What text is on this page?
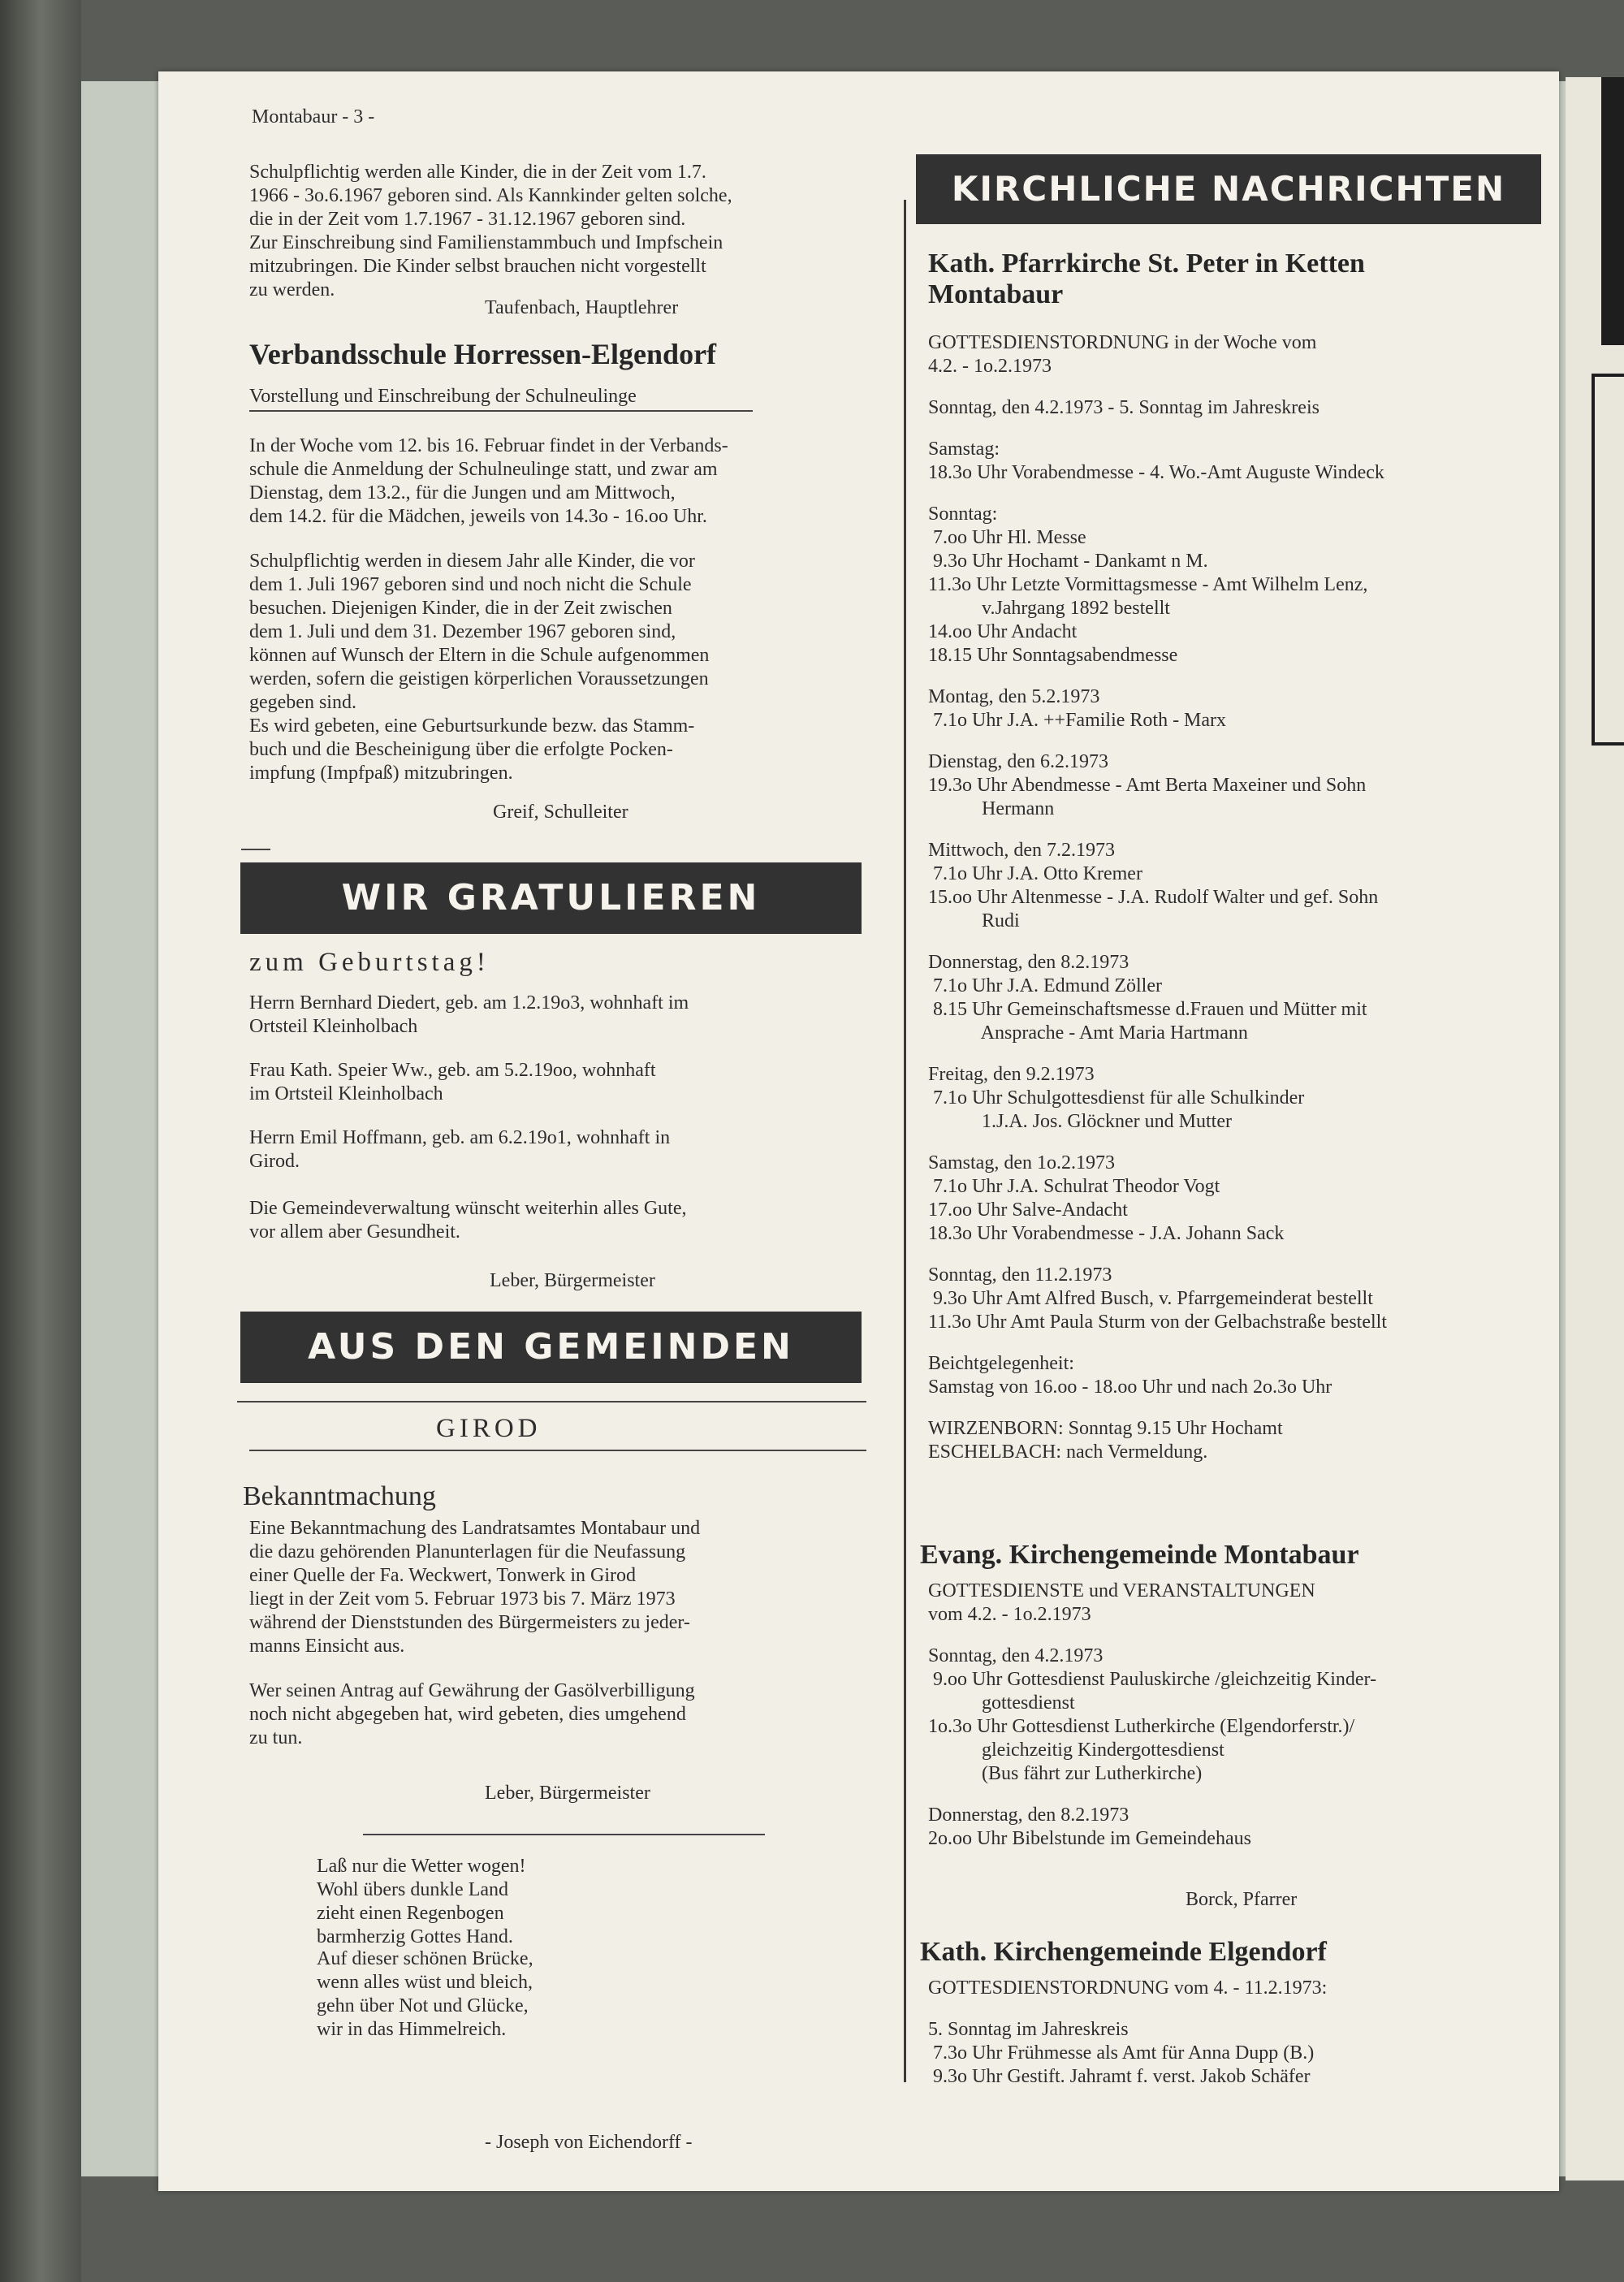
Montabaur - 3 -
Schulpflichtig werden alle Kinder, die in der Zeit vom 1.7.
1966 - 3o.6.1967 geboren sind. Als Kannkinder gelten solche,
die in der Zeit vom 1.7.1967 - 31.12.1967 geboren sind.
Zur Einschreibung sind Familienstammbuch und Impfschein
mitzubringen. Die Kinder selbst brauchen nicht vorgestellt
zu werden.
Taufenbach, Hauptlehrer
Verbandsschule Horressen-Elgendorf
Vorstellung und Einschreibung der Schulneulinge
In der Woche vom 12. bis 16. Februar findet in der Verbands-
schule die Anmeldung der Schulneulinge statt, und zwar am
Dienstag, dem 13.2., für die Jungen und am Mittwoch,
dem 14.2. für die Mädchen, jeweils von 14.3o - 16.oo Uhr.
Schulpflichtig werden in diesem Jahr alle Kinder, die vor
dem 1. Juli 1967 geboren sind und noch nicht die Schule
besuchen. Diejenigen Kinder, die in der Zeit zwischen
dem 1. Juli und dem 31. Dezember 1967 geboren sind,
können auf Wunsch der Eltern in die Schule aufgenommen
werden, sofern die geistigen körperlichen Voraussetzungen
gegeben sind.
Es wird gebeten, eine Geburtsurkunde bezw. das Stamm-
buch und die Bescheinigung über die erfolgte Pocken-
impfung (Impfpaß) mitzubringen.
Greif, Schulleiter
WIR GRATULIEREN
zum Geburtstag!
Herrn Bernhard Diedert, geb. am 1.2.19o3, wohnhaft im
Ortsteil Kleinholbach
Frau Kath. Speier Ww., geb. am 5.2.19oo, wohnhaft
im Ortsteil Kleinholbach
Herrn Emil Hoffmann, geb. am 6.2.19o1, wohnhaft in
Girod.
Die Gemeindeverwaltung wünscht weiterhin alles Gute,
vor allem aber Gesundheit.
Leber, Bürgermeister
AUS DEN GEMEINDEN
GIROD
Bekanntmachung
Eine Bekanntmachung des Landratsamtes Montabaur und
die dazu gehörenden Planunterlagen für die Neufassung
einer Quelle der Fa. Weckwert, Tonwerk in Girod
liegt in der Zeit vom 5. Februar 1973 bis 7. März 1973
während der Dienststunden des Bürgermeisters zu jeder-
manns Einsicht aus.
Wer seinen Antrag auf Gewährung der Gasölverbilligung
noch nicht abgegeben hat, wird gebeten, dies umgehend
zu tun.
Leber, Bürgermeister
Laß nur die Wetter wogen!
Wohl übers dunkle Land
zieht einen Regenbogen
barmherzig Gottes Hand.
Auf dieser schönen Brücke,
wenn alles wüst und bleich,
gehn über Not und Glücke,
wir in das Himmelreich.
- Joseph von Eichendorff -
KIRCHLICHE NACHRICHTEN
Kath. Pfarrkirche St. Peter in Ketten
Montabaur
GOTTESDIENSTORDNUNG in der Woche vom
4.2. - 1o.2.1973
Sonntag, den 4.2.1973 - 5. Sonntag im Jahreskreis
Samstag:
18.3o Uhr Vorabendmesse - 4. Wo.-Amt Auguste Windeck
Sonntag:
7.oo Uhr Hl. Messe
9.3o Uhr Hochamt - Dankamt n M.
11.3o Uhr Letzte Vormittagsmesse - Amt Wilhelm Lenz,
v.Jahrgang 1892 bestellt
14.oo Uhr Andacht
18.15 Uhr Sonntagsabendmesse
Montag, den 5.2.1973
7.1o Uhr J.A. ++Familie Roth - Marx
Dienstag, den 6.2.1973
19.3o Uhr Abendmesse - Amt Berta Maxeiner und Sohn
Hermann
Mittwoch, den 7.2.1973
7.1o Uhr J.A. Otto Kremer
15.oo Uhr Altenmesse - J.A. Rudolf Walter und gef. Sohn
Rudi
Donnerstag, den 8.2.1973
7.1o Uhr J.A. Edmund Zöller
8.15 Uhr Gemeinschaftsmesse d.Frauen und Mütter mit
Ansprache - Amt Maria Hartmann
Freitag, den 9.2.1973
7.1o Uhr Schulgottesdienst für alle Schulkinder
1.J.A. Jos. Glöckner und Mutter
Samstag, den 1o.2.1973
7.1o Uhr J.A. Schulrat Theodor Vogt
17.oo Uhr Salve-Andacht
18.3o Uhr Vorabendmesse - J.A. Johann Sack
Sonntag, den 11.2.1973
9.3o Uhr Amt Alfred Busch, v. Pfarrgemeinderat bestellt
11.3o Uhr Amt Paula Sturm von der Gelbachstraße bestellt
Beichtgelegenheit:
Samstag von 16.oo - 18.oo Uhr und nach 2o.3o Uhr
WIRZENBORN: Sonntag 9.15 Uhr Hochamt
ESCHELBACH: nach Vermeldung.
Evang. Kirchengemeinde Montabaur
GOTTESDIENSTE und VERANSTALTUNGEN
vom 4.2. - 1o.2.1973
Sonntag, den 4.2.1973
9.oo Uhr Gottesdienst Pauluskirche /gleichzeitig Kinder-
gottesdienst
1o.3o Uhr Gottesdienst Lutherkirche (Elgendorferstr.)/
gleichzeitig Kindergottesdienst
(Bus fährt zur Lutherkirche)
Donnerstag, den 8.2.1973
2o.oo Uhr Bibelstunde im Gemeindehaus
Borck, Pfarrer
Kath. Kirchengemeinde Elgendorf
GOTTESDIENSTORDNUNG vom 4. - 11.2.1973:
5. Sonntag im Jahreskreis
7.3o Uhr Frühmesse als Amt für Anna Dupp (B.)
9.3o Uhr Gestift. Jahramt f. verst. Jakob Schäfer
